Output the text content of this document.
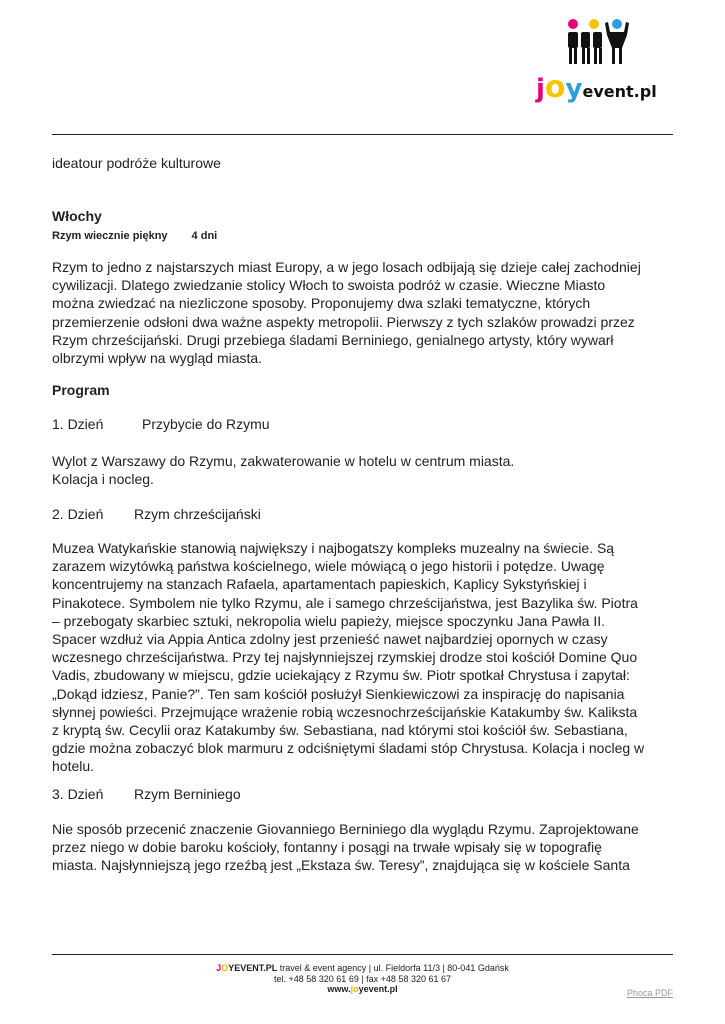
joyevent.pl
ideatour podróże kulturowe
Włochy
Rzym wiecznie piękny 4 dni

Rzym to jedno z najstarszych miast Europy, a w jego losach odbijają się dzieje całej zachodniej

cywilizacji. Dlatego zwiedzanie stolicy Włoch to swoista podróż w czasie. Wieczne Miasto

można zwiedzać na niezliczone sposoby. Proponujemy dwa szlaki tematyczne, których

przemierzenie odsłoni dwa ważne aspekty metropolii. Pierwszy z tych szlaków prowadzi przez

Rzym chrześcijański. Drugi przebiega śladami Berniniego, genialnego artysty, który wywarł

olbrzymi wpływ na wygląd miasta.

Program
1. Dzień	Przybycie do Rzymu

Wylot z Warszawy do Rzymu, zakwaterowanie w hotelu w centrum miasta.

Kolacja i nocleg.

2. Dzień Rzym chrześcijański

Muzea Watykańskie stanowią największy i najbogatszy kompleks muzealny na świecie. Są

zarazem wizytówką państwa kościelnego, wiele mówiącą o jego historii i potędze. Uwagę

koncentrujemy na stanzach Rafaela, apartamentach papieskich, Kaplicy Sykstyńskiej i

Pinakotece. Symbolem nie tylko Rzymu, ale i samego chrześcijaństwa, jest Bazylika św. Piotra

– przebogaty skarbiec sztuki, nekropolia wielu papieży, miejsce spoczynku Jana Pawła II.

Spacer wzdłuż via Appia Antica zdolny jest przenieść nawet najbardziej opornych w czasy

wczesnego chrześcijaństwa. Przy tej najsłynniejszej rzymskiej drodze stoi kościół Domine Quo

Vadis, zbudowany w miejscu, gdzie uciekający z Rzymu św. Piotr spotkał Chrystusa i zapytał:

„Dokąd idziesz, Panie?”. Ten sam kościół posłużył Sienkiewiczowi za inspirację do napisania

słynnej powieści. Przejmujące wrażenie robią wczesnochrześcijańskie Katakumby św. Kaliksta

z kryptą św. Cecylii oraz Katakumby św. Sebastiana, nad którymi stoi kościół św. Sebastiana,

gdzie można zobaczyć blok marmuru z odciśniętymi śladami stóp Chrystusa. Kolacja i nocleg w

hotelu.

3. Dzień Rzym Berniniego

Nie sposób przecenić znaczenie Giovanniego Berniniego dla wyglądu Rzymu. Zaprojektowane

przez niego w dobie baroku kościoły, fontanny i posągi na trwałe wpisały się w topografię

miasta. Najsłynniejszą jego rzeźbą jest „Ekstaza św. Teresy”, znajdująca się w kościele Santa

JOYEVENT.PL travel & event agency | ul. Fieldorfa 11/3 | 80-041 Gdańsk
tel. +48 58 320 61 69 | fax +48 58 320 61 67
www.joyevent.pl	Phoca PDF
